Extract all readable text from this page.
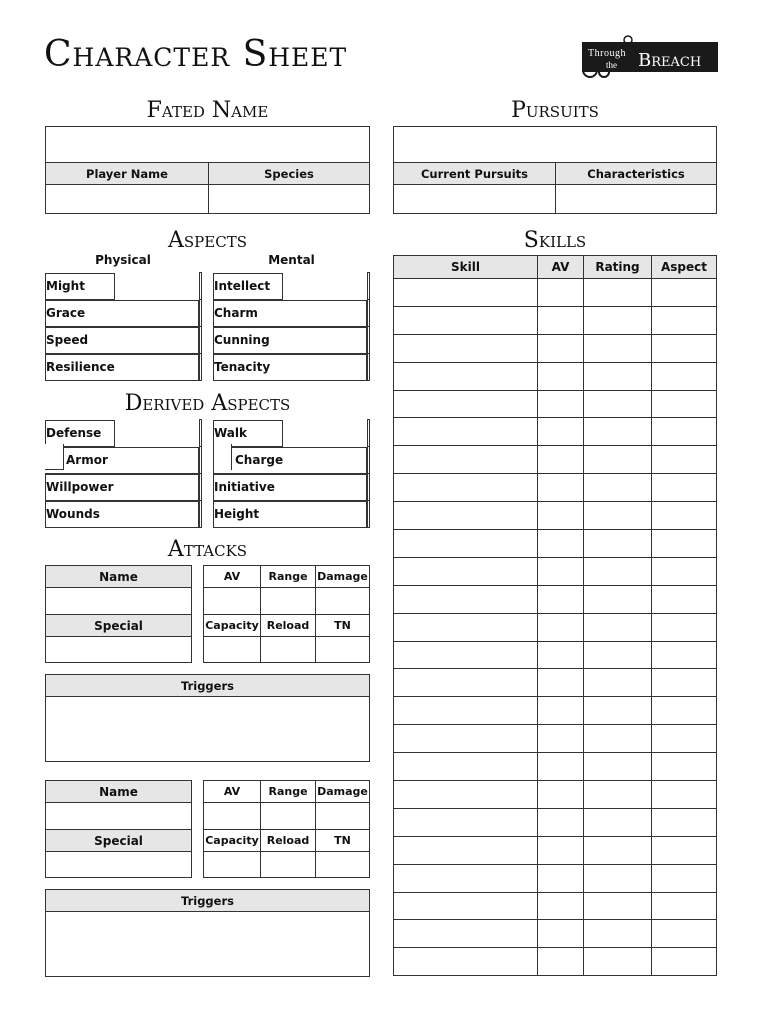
Character Sheet	Through
the Breach
Fated Name
Player Name	Species
Pursuits
Current Pursuits	Characteristics
Aspects
Physical	Mental
Might

Grace

Speed

Resilience
Intellect

Charm

Cunning

Tenacity
Derived Aspects
Defense

Armor

Willpower

Wounds
Walk

Charge

Initiative

Height
Attacks
Name

Special

AV	Range	Damage

Capacity	Reload	TN

Triggers
Name

Special

AV	Range	Damage

Capacity	Reload	TN

Triggers
Skills
Skill	AV	Rating	Aspect
